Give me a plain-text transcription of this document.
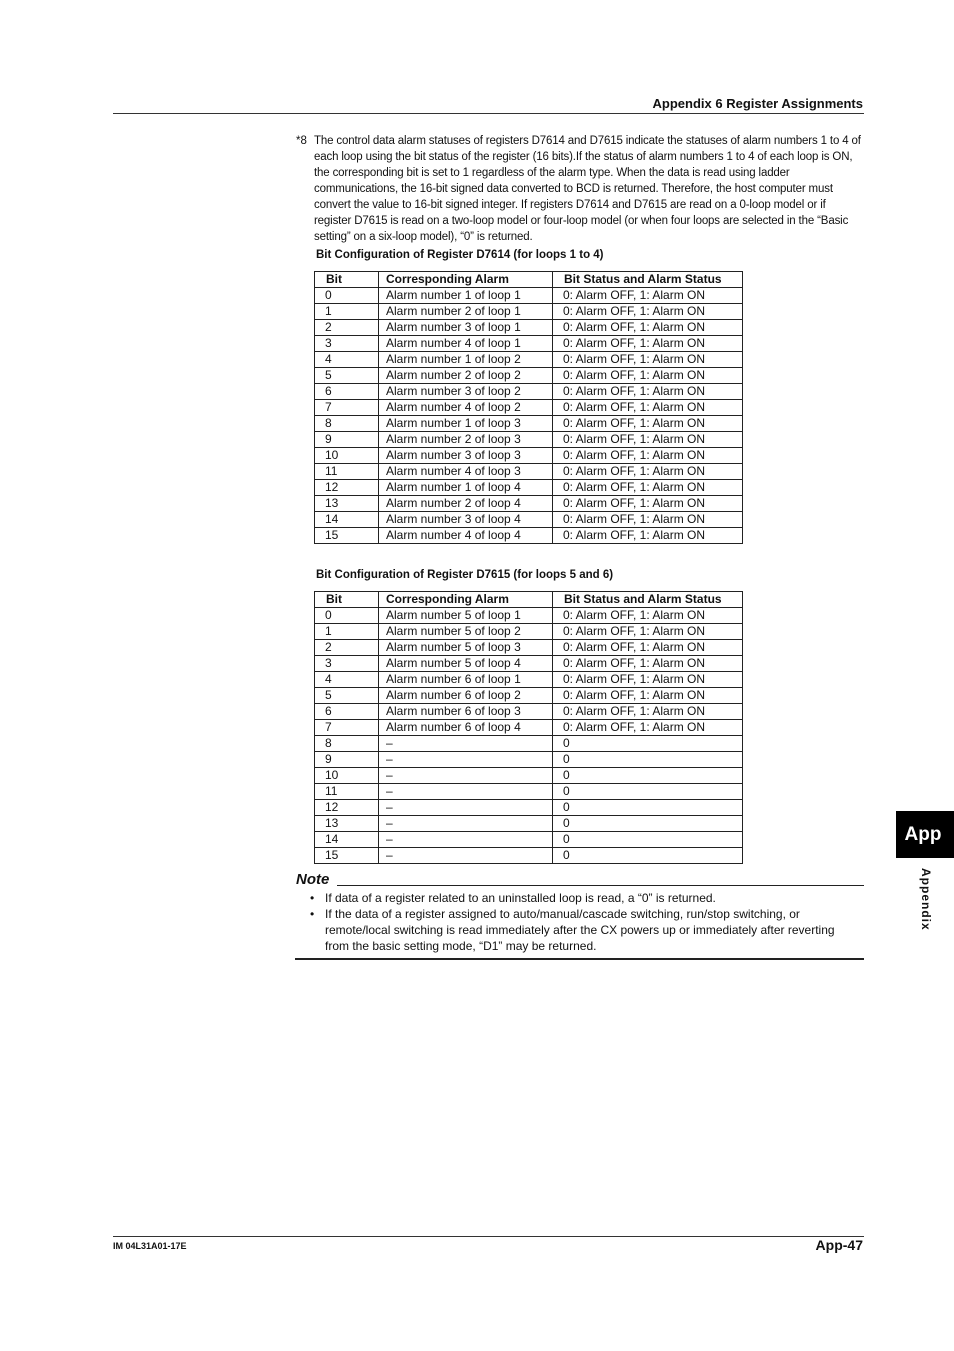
Appendix 6 Register Assignments
*8 The control data alarm statuses of registers D7614 and D7615 indicate the statuses of alarm numbers 1 to 4 of each loop using the bit status of the register (16 bits).If the status of alarm numbers 1 to 4 of each loop is ON, the corresponding bit is set to 1 regardless of the alarm type. When the data is read using ladder communications, the 16-bit signed data converted to BCD is returned. Therefore, the host computer must convert the value to 16-bit signed integer. If registers D7614 and D7615 are read on a 0-loop model or if register D7615 is read on a two-loop model or four-loop model (or when four loops are selected in the “Basic setting” on a six-loop model), “0” is returned.
Bit Configuration of Register D7614 (for loops 1 to 4)
Bit	Corresponding Alarm	Bit Status and Alarm Status
0	Alarm number 1 of loop 1	0: Alarm OFF, 1: Alarm ON
1	Alarm number 2 of loop 1	0: Alarm OFF, 1: Alarm ON
2	Alarm number 3 of loop 1	0: Alarm OFF, 1: Alarm ON
3	Alarm number 4 of loop 1	0: Alarm OFF, 1: Alarm ON
4	Alarm number 1 of loop 2	0: Alarm OFF, 1: Alarm ON
5	Alarm number 2 of loop 2	0: Alarm OFF, 1: Alarm ON
6	Alarm number 3 of loop 2	0: Alarm OFF, 1: Alarm ON
7	Alarm number 4 of loop 2	0: Alarm OFF, 1: Alarm ON
8	Alarm number 1 of loop 3	0: Alarm OFF, 1: Alarm ON
9	Alarm number 2 of loop 3	0: Alarm OFF, 1: Alarm ON
10	Alarm number 3 of loop 3	0: Alarm OFF, 1: Alarm ON
11	Alarm number 4 of loop 3	0: Alarm OFF, 1: Alarm ON
12	Alarm number 1 of loop 4	0: Alarm OFF, 1: Alarm ON
13	Alarm number 2 of loop 4	0: Alarm OFF, 1: Alarm ON
14	Alarm number 3 of loop 4	0: Alarm OFF, 1: Alarm ON
15	Alarm number 4 of loop 4	0: Alarm OFF, 1: Alarm ON
Bit Configuration of Register D7615 (for loops 5 and 6)
Bit	Corresponding Alarm	Bit Status and Alarm Status
0	Alarm number 5 of loop 1	0: Alarm OFF, 1: Alarm ON
1	Alarm number 5 of loop 2	0: Alarm OFF, 1: Alarm ON
2	Alarm number 5 of loop 3	0: Alarm OFF, 1: Alarm ON
3	Alarm number 5 of loop 4	0: Alarm OFF, 1: Alarm ON
4	Alarm number 6 of loop 1	0: Alarm OFF, 1: Alarm ON
5	Alarm number 6 of loop 2	0: Alarm OFF, 1: Alarm ON
6	Alarm number 6 of loop 3	0: Alarm OFF, 1: Alarm ON
7	Alarm number 6 of loop 4	0: Alarm OFF, 1: Alarm ON
8	–	0
9	–	0
10	–	0
11	–	0
12	–	0
13	–	0
14	–	0
15	–	0
Note
• If data of a register related to an uninstalled loop is read, a “0” is returned.
• If the data of a register assigned to auto/manual/cascade switching, run/stop switching, or remote/local switching is read immediately after the CX powers up or immediately after reverting from the basic setting mode, “D1” may be returned.
App
Appendix
IM 04L31A01-17E	App-47
